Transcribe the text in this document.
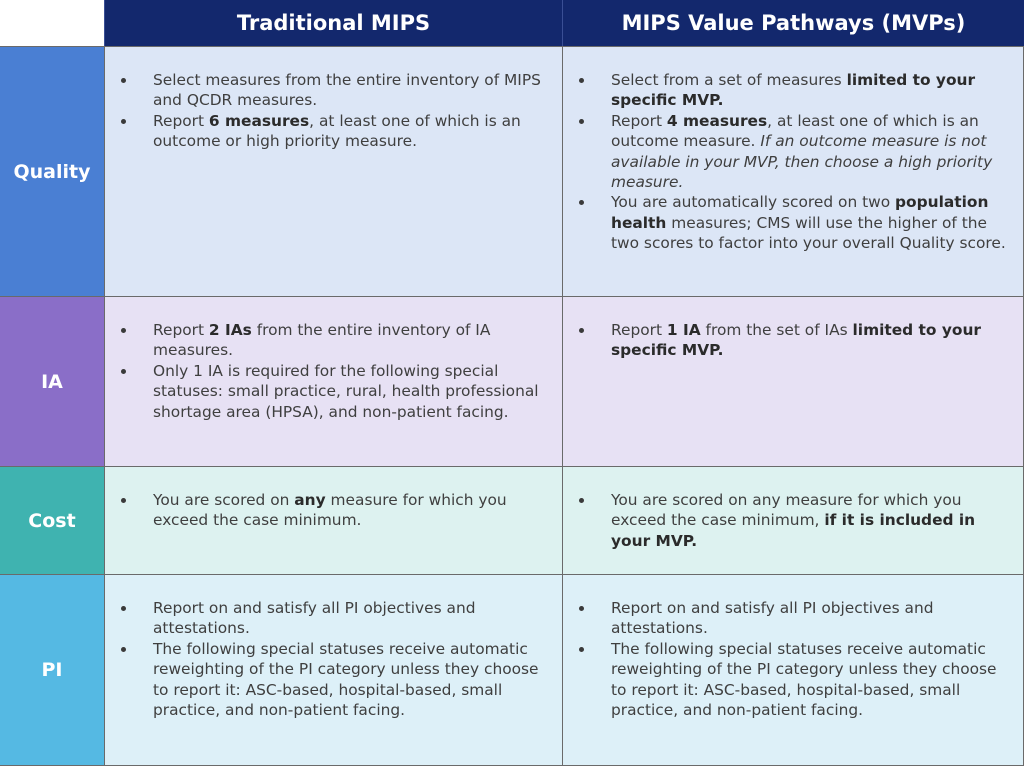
Traditional MIPS	MIPS Value Pathways (MVPs)
Quality
Select measures from the entire inventory of MIPS and QCDR measures.
Report 6 measures, at least one of which is an outcome or high priority measure.
Select from a set of measures limited to your specific MVP.
Report 4 measures, at least one of which is an outcome measure. If an outcome measure is not available in your MVP, then choose a high priority measure.
You are automatically scored on two population health measures; CMS will use the higher of the two scores to factor into your overall Quality score.
IA
Report 2 IAs from the entire inventory of IA measures.
Only 1 IA is required for the following special statuses: small practice, rural, health professional shortage area (HPSA), and non-patient facing.
Report 1 IA from the set of IAs limited to your specific MVP.
Cost
You are scored on any measure for which you exceed the case minimum.
You are scored on any measure for which you exceed the case minimum, if it is included in your MVP.
PI
Report on and satisfy all PI objectives and attestations.
The following special statuses receive automatic reweighting of the PI category unless they choose to report it: ASC-based, hospital-based, small practice, and non-patient facing.
Report on and satisfy all PI objectives and attestations.
The following special statuses receive automatic reweighting of the PI category unless they choose to report it: ASC-based, hospital-based, small practice, and non-patient facing.
